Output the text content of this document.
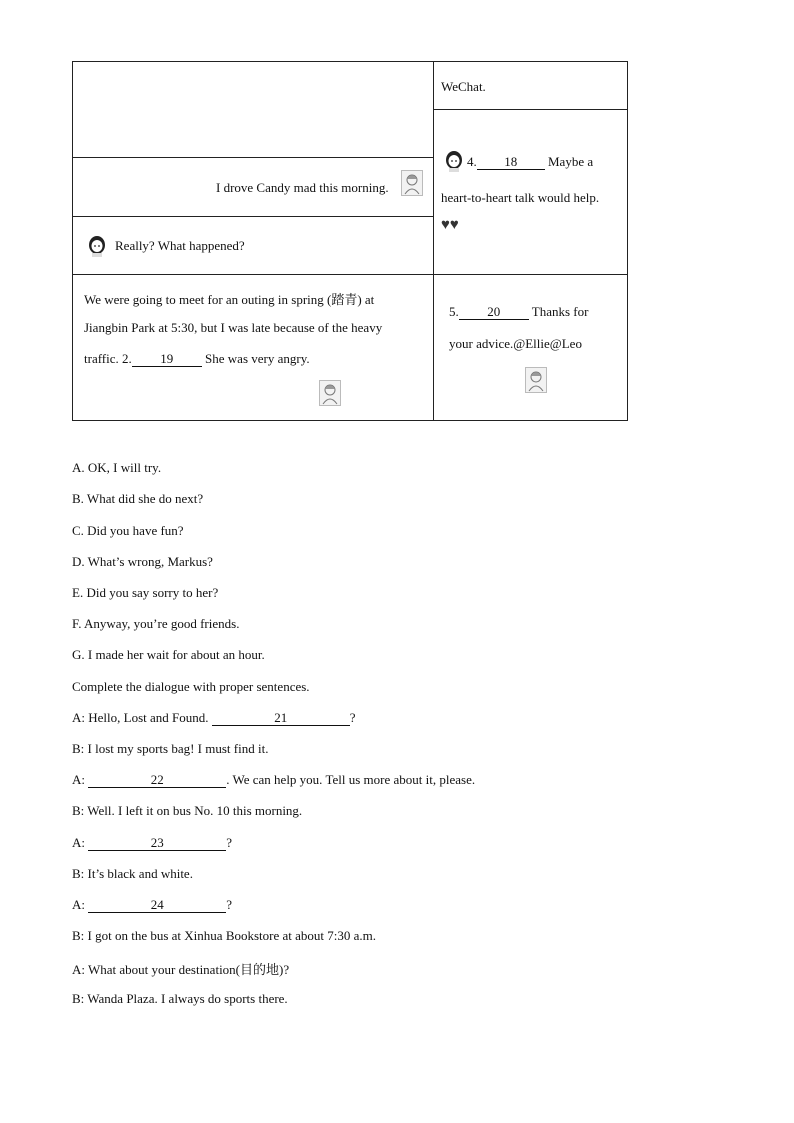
WeChat.
I drove Candy mad this morning.
Really? What happened?
We were going to meet for an outing in spring (踏青) at
Jiangbin Park at 5:30, but I was late because of the heavy
traffic. 2. 19 She was very angry.
4. 18 Maybe a
heart-to-heart talk would help.
♥♥
5. 20 Thanks for
your advice.@Ellie@Leo
A. OK, I will try.
B. What did she do next?
C. Did you have fun?
D. What’s wrong, Markus?
E. Did you say sorry to her?
F. Anyway, you’re good friends.
G. I made her wait for about an hour.
Complete the dialogue with proper sentences.
A: Hello, Lost and Found.	21	?
B: I lost my sports bag! I must find it.
A:	22	. We can help you. Tell us more about it, please.
B: Well. I left it on bus No. 10 this morning.
A:	23	?
B: It’s black and white.
A:	24	?
B: I got on the bus at Xinhua Bookstore at about 7:30 a.m.
A: What about your destination(目的地)?
B: Wanda Plaza. I always do sports there.
